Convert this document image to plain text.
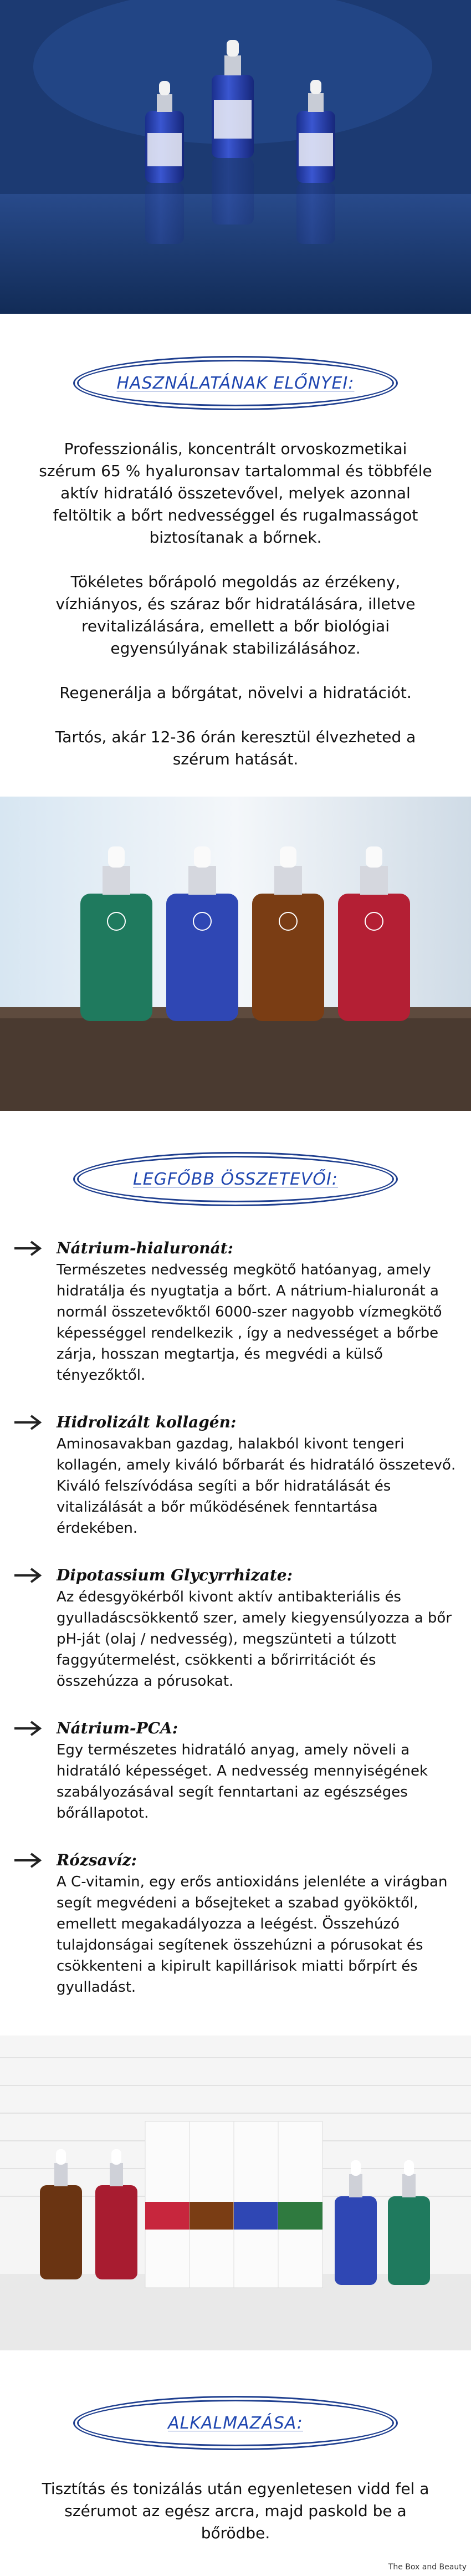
HASZNÁLATÁNAK ELŐNYEI:

Professzionális, koncentrált orvoskozmetikai szérum 65 % hyaluronsav tartalommal és többféle aktív hidratáló összetevővel, melyek azonnal feltöltik a bőrt nedvességgel és rugalmasságot biztosítanak a bőrnek.

Tökéletes bőrápoló megoldás az érzékeny, vízhiányos, és száraz bőr hidratálására, illetve revitalizálására, emellett a bőr biológiai egyensúlyának stabilizálásához.

Regenerálja a bőrgátat, növelvi a hidratációt.

Tartós, akár 12-36 órán keresztül élvezheted a szérum hatását.

LEGFŐBB ÖSSZETEVŐI:
Nátrium-hialuronát:
Természetes nedvesség megkötő hatóanyag, amely hidratálja és nyugtatja a bőrt. A nátrium-hialuronát a normál összetevőktől 6000-szer nagyobb vízmegkötő képességgel rendelkezik , így a nedvességet a bőrbe zárja, hosszan megtartja, és megvédi a külső tényezőktől.
Hidrolizált kollagén:
Aminosavakban gazdag, halakból kivont tengeri kollagén, amely kiváló bőrbarát és hidratáló összetevő. Kiváló felszívódása segíti a bőr hidratálását és vitalizálását a bőr működésének fenntartása érdekében.
Dipotassium Glycyrrhizate:
Az édesgyökérből kivont aktív antibakteriális és gyulladáscsökkentő szer, amely kiegyensúlyozza a bőr pH-ját (olaj / nedvesség), megszünteti a túlzott faggyútermelést, csökkenti a bőrirritációt és összehúzza a pórusokat.
Nátrium-PCA:
Egy természetes hidratáló anyag, amely növeli a hidratáló képességet. A nedvesség mennyiségének szabályozásával segít fenntartani az egészséges bőrállapotot.
Rózsavíz:
A C-vitamin, egy erős antioxidáns jelenléte a virágban segít megvédeni a bősejteket a szabad gyököktől, emellett megakadályozza a leégést. Összehúzó tulajdonságai segítenek összehúzni a pórusokat és csökkenteni a kipirult kapillárisok miatti bőrpírt és gyulladást.
ALKALMAZÁSA:

Tisztítás és tonizálás után egyenletesen vidd fel a szérumot az egész arcra, majd paskold be a bőrödbe.

The Box and Beauty
